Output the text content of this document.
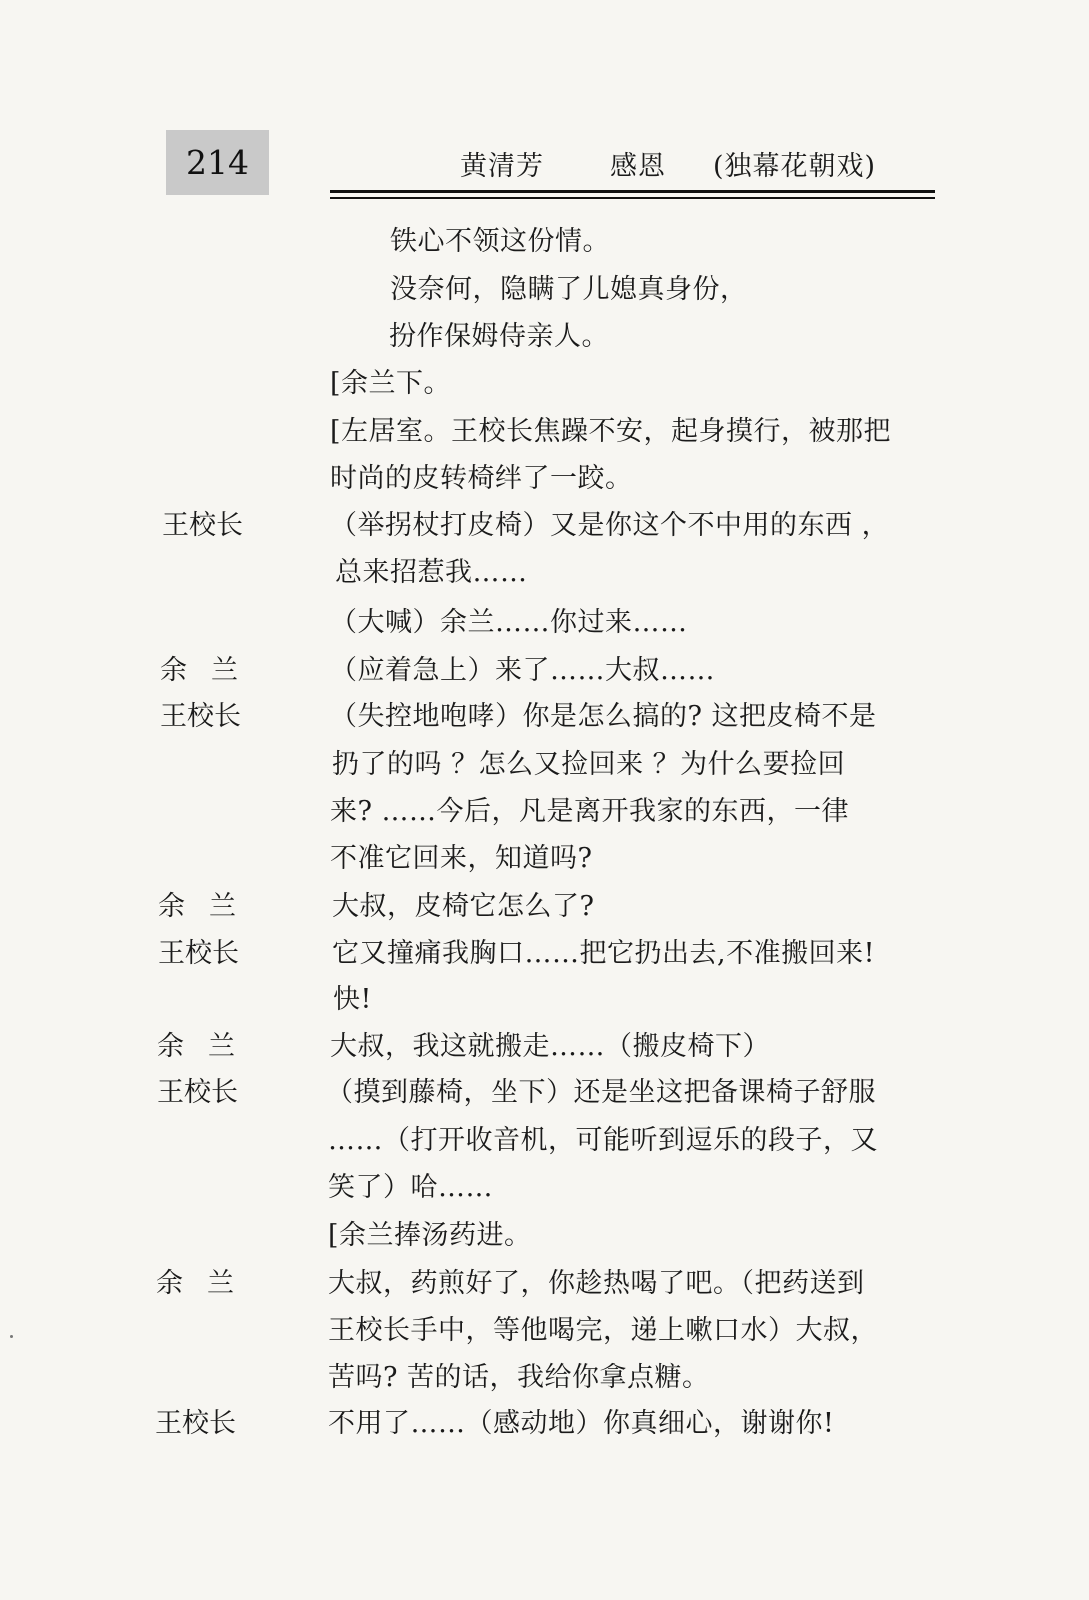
214	黄清芳 感恩 (独幕花朝戏)
王校长
余兰
王校长
余兰
王校长
余兰
王校长
余兰
王校长
铁心不领这份情。
没奈何，隐瞒了儿媳真身份，
扮作保姆侍亲人。
[余兰下。
[左居室。王校长焦躁不安，起身摸行，被那把
时尚的皮转椅绊了一跤。
（举拐杖打皮椅）又是你这个不中用的东西 ，
总来招惹我……
（大喊）余兰……你过来……
（应着急上）来了……大叔……
（失控地咆哮）你是怎么搞的? 这把皮椅不是
扔了的吗 ？怎么又捡回来 ？为什么要捡回
来? ……今后，凡是离开我家的东西，一律
不准它回来，知道吗?
大叔，皮椅它怎么了?
它又撞痛我胸口……把它扔出去,不准搬回来!
快!
大叔，我这就搬走……（搬皮椅下）
（摸到藤椅，坐下）还是坐这把备课椅子舒服
……（打开收音机，可能听到逗乐的段子，又
笑了）哈……
[余兰捧汤药进。
大叔，药煎好了，你趁热喝了吧。（把药送到
王校长手中，等他喝完，递上嗽口水）大叔，
苦吗? 苦的话，我给你拿点糖。
不用了……（感动地）你真细心，谢谢你!
